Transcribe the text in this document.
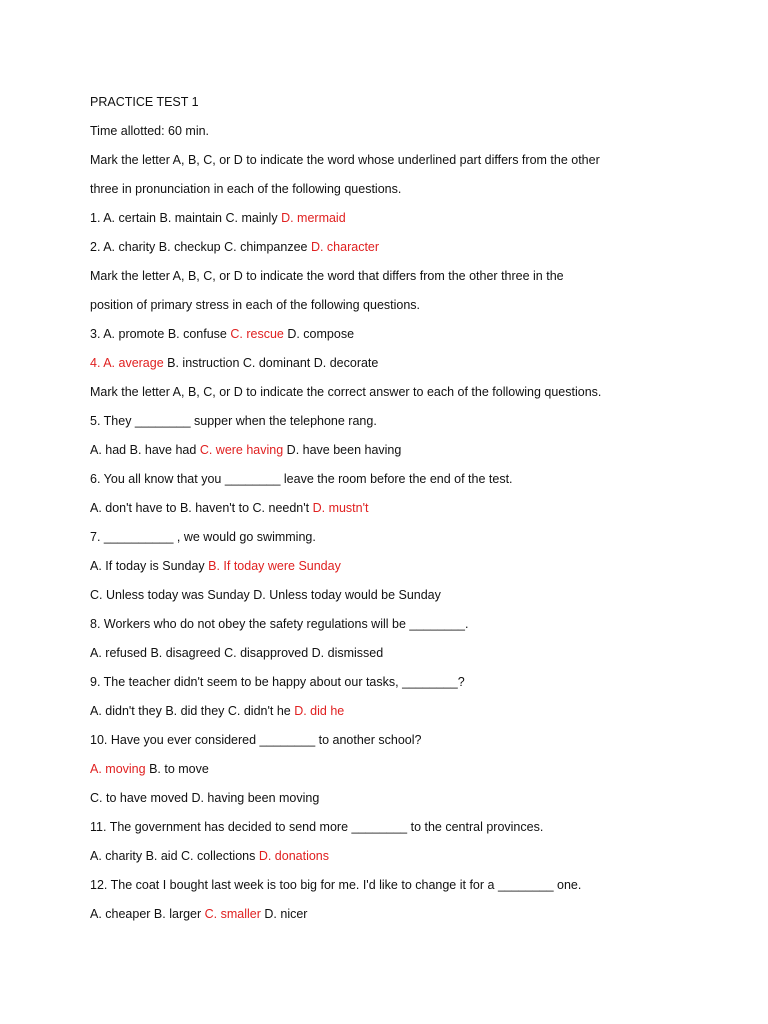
PRACTICE TEST 1
Time allotted: 60 min.
Mark the letter A, B, C, or D to indicate the word whose underlined part differs from the other
three in pronunciation in each of the following questions.
1. A. certain B. maintain C. mainly D. mermaid
2. A. charity B. checkup C. chimpanzee D. character
Mark the letter A, B, C, or D to indicate the word that differs from the other three in the
position of primary stress in each of the following questions.
3. A. promote B. confuse C. rescue D. compose
4. A. average B. instruction C. dominant D. decorate
Mark the letter A, B, C, or D to indicate the correct answer to each of the following questions.
5. They ________ supper when the telephone rang.
A. had B. have had C. were having D. have been having
6. You all know that you ________ leave the room before the end of the test.
A. don't have to B. haven't to C. needn't D. mustn't
7. __________ , we would go swimming.
A. If today is Sunday B. If today were Sunday
C. Unless today was Sunday D. Unless today would be Sunday
8. Workers who do not obey the safety regulations will be ________.
A. refused B. disagreed C. disapproved D. dismissed
9. The teacher didn't seem to be happy about our tasks, ________?
A. didn't they B. did they C. didn't he D. did he
10. Have you ever considered ________ to another school?
A. moving B. to move
C. to have moved D. having been moving
11. The government has decided to send more ________ to the central provinces.
A. charity B. aid C. collections D. donations
12. The coat I bought last week is too big for me. I'd like to change it for a ________ one.
A. cheaper B. larger C. smaller D. nicer
